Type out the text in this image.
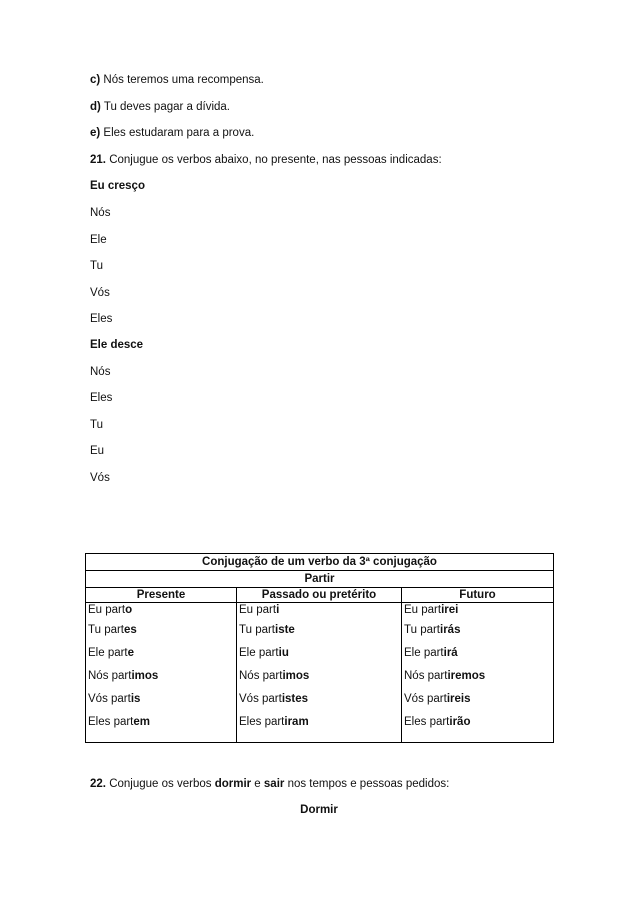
c) Nós teremos uma recompensa.
d) Tu deves pagar a dívida.
e) Eles estudaram para a prova.
21. Conjugue os verbos abaixo, no presente, nas pessoas indicadas:
Eu cresço
Nós
Ele
Tu
Vós
Eles
Ele desce
Nós
Eles
Tu
Eu
Vós
Conjugação de um verbo da 3ª conjugação		
Partir		
Presente	Passado ou pretérito	Futuro
Eu parto	Eu parti	Eu partirei
Tu partes	Tu partiste	Tu partirás
Ele parte	Ele partiu	Ele partirá
Nós partimos	Nós partimos	Nós partiremos
Vós partis	Vós partistes	Vós partireis
Eles partem	Eles partiram	Eles partirão
22. Conjugue os verbos dormir e sair nos tempos e pessoas pedidos:
Dormir
